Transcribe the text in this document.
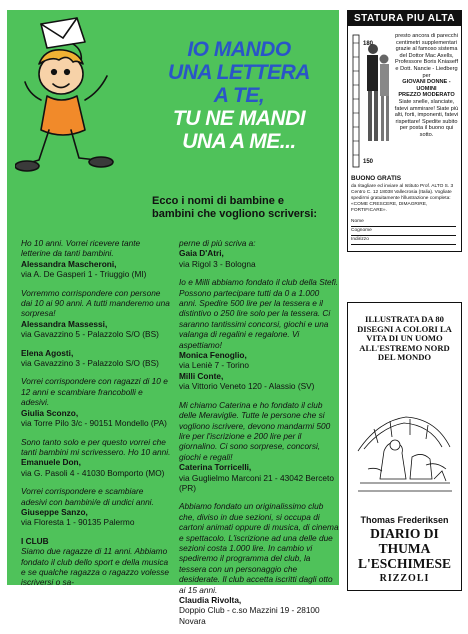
IO MANDO
UNA LETTERA
A TE,
TU NE MANDI
UNA A ME...
Ecco i nomi di bambine e bambini che vogliono scriversi:
Ho 10 anni. Vorrei ricevere tante letterine da tanti bambini.
Alessandra Mascheroni,
via A. De Gasperi 1 - Triuggio (MI)
Vorremmo corrispondere con persone dai 10 ai 90 anni. A tutti manderemo una sorpresa!
Alessandra Massessi,
via Gavazzino 5 - Palazzolo S/O (BS)
Elena Agosti,
via Gavazzino 3 - Palazzolo S/O (BS)
Vorrei corrispondere con ragazzi di 10 e 12 anni e scambiare francobolli e adesivi.
Giulia Sconzo,
via Torre Pilo 3/c - 90151 Mondello (PA)
Sono tanto solo e per questo vorrei che tanti bambini mi scrivessero. Ho 10 anni.
Emanuele Don,
via G. Pasoli 4 - 41030 Bomporto (MO)
Vorrei corrispondere e scambiare adesivi con bambini/e di undici anni.
Giuseppe Sanzo,
via Floresta 1 - 90135 Palermo
I CLUB
Siamo due ragazze di 11 anni. Abbiamo fondato il club dello sport e della musica e se qualche ragazza o ragazzo volesse iscriversi o sa-
perne di più scriva a:
Gaia D'Atri,
via Rigol 3 - Bologna
Io e Milli abbiamo fondato il club della Stefi. Possono partecipare tutti da 0 a 1.000 anni. Spedire 500 lire per la tessera e il distintivo o 250 lire solo per la tessera. Ci saranno tantissimi concorsi, giochi e una valanga di regalini e regalone. Vi aspettiamo!
Monica Fenoglio,
via Leniè 7 - Torino
Milli Conte,
via Vittorio Veneto 120 - Alassio (SV)
Mi chiamo Caterina e ho fondato il club delle Meraviglie. Tutte le persone che si vogliono iscrivere, devono mandarmi 500 lire per l'iscrizione e 200 lire per il giornalino. Ci sono sorprese, concorsi, giochi e regali!
Caterina Torricelli,
via Guglielmo Marconi 21 - 43042 Berceto (PR)
Abbiamo fondato un originalissimo club che, diviso in due sezioni, si occupa di cartoni animati oppure di musica, di cinema e spettacolo. L'iscrizione ad una delle due sezioni costa 1.000 lire. In cambio vi spediremo il programma del club, la tessera con un personaggio che desiderate. Il club accetta iscritti dagli otto ai 15 anni.
Claudia Rivolta,
Doppio Club - c.so Mazzini 19 - 28100 Novara
STATURA PIU ALTA
180
150
presto ancora di parecchi centimetri supplementari grazie al famoso sistema del Dottor Mac Axells, Professore Boris Kniaseff e Dott. Nancie - Liedberg per
GIOVANI DONNE - UOMINI
PREZZO MODERATO
Siate snelle, slanciate, fatevi ammirare! Siate più alti, forti, imponenti, fatevi rispettare! Spedite subito per posta il buono qui sotto.
BUONO GRATIS
da ritagliare ed inviare al Istituto Prof. ALTO S. 3 Centro C. 12 18038 Vallecrosia (Italia). Vogliate spedirmi gratuitamente l'illustrazione completa: «COME CRESCERE, DIMAGRIRE, FORTIFICARE».
Nome
Cognome
Indirizzo
ILLUSTRATA DA 80 DISEGNI A COLORI LA VITA DI UN UOMO ALL'ESTREMO NORD DEL MONDO
Thomas Frederiksen
DIARIO DI THUMA L'ESCHIMESE
RIZZOLI
